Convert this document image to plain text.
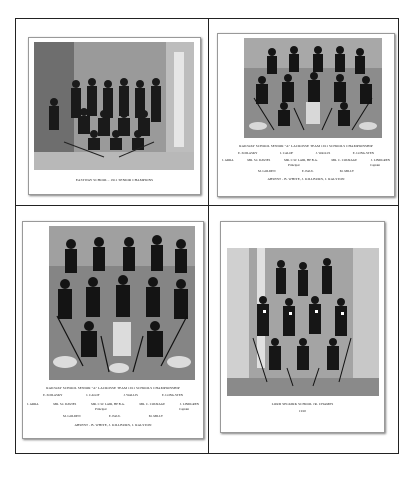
EASTWAY SCHOOL - 1911 SENIOR CHAMPIONS
RAILWAY SCHOOL SENIOR "A" LACROSSE TEAM 1911 SCHOOLS CHAMPIONSHIP
E. ZOILASKY	I. CALOF	J. WALLIS	E. LONG.STEN
J. ARRA	MR. S.I. DAVIES	MR. C.W. LAIR, HP B.A.	MR. C. COURAGE	J. LINDGREN
Principal	Captain
M. GOLDEN	E. PAUL	M. MILLY
ABSENT - B. WHITE, J. KILLBURN, J. RALSTON
RAILWAY SCHOOL SENIOR "A" LACROSSE TEAM 1911 SCHOOLS CHAMPIONSHIP
E. ZOILASKY	I. CALOF	J. WALLIS	E. LONG.STEN
J. ARRA	MR. S.I. DAVIES	MR. C.W. LAIR, HP B.A.	MR. C. COURAGE	J. LINDGREN
Principal	Captain
M. GOLDEN	E. PAUL	M. MILLY
ABSENT - B. WHITE, J. KILLBURN, J. RALSTON
LORD SELKIRK SCHOOL JR. CHAMPS
1910
